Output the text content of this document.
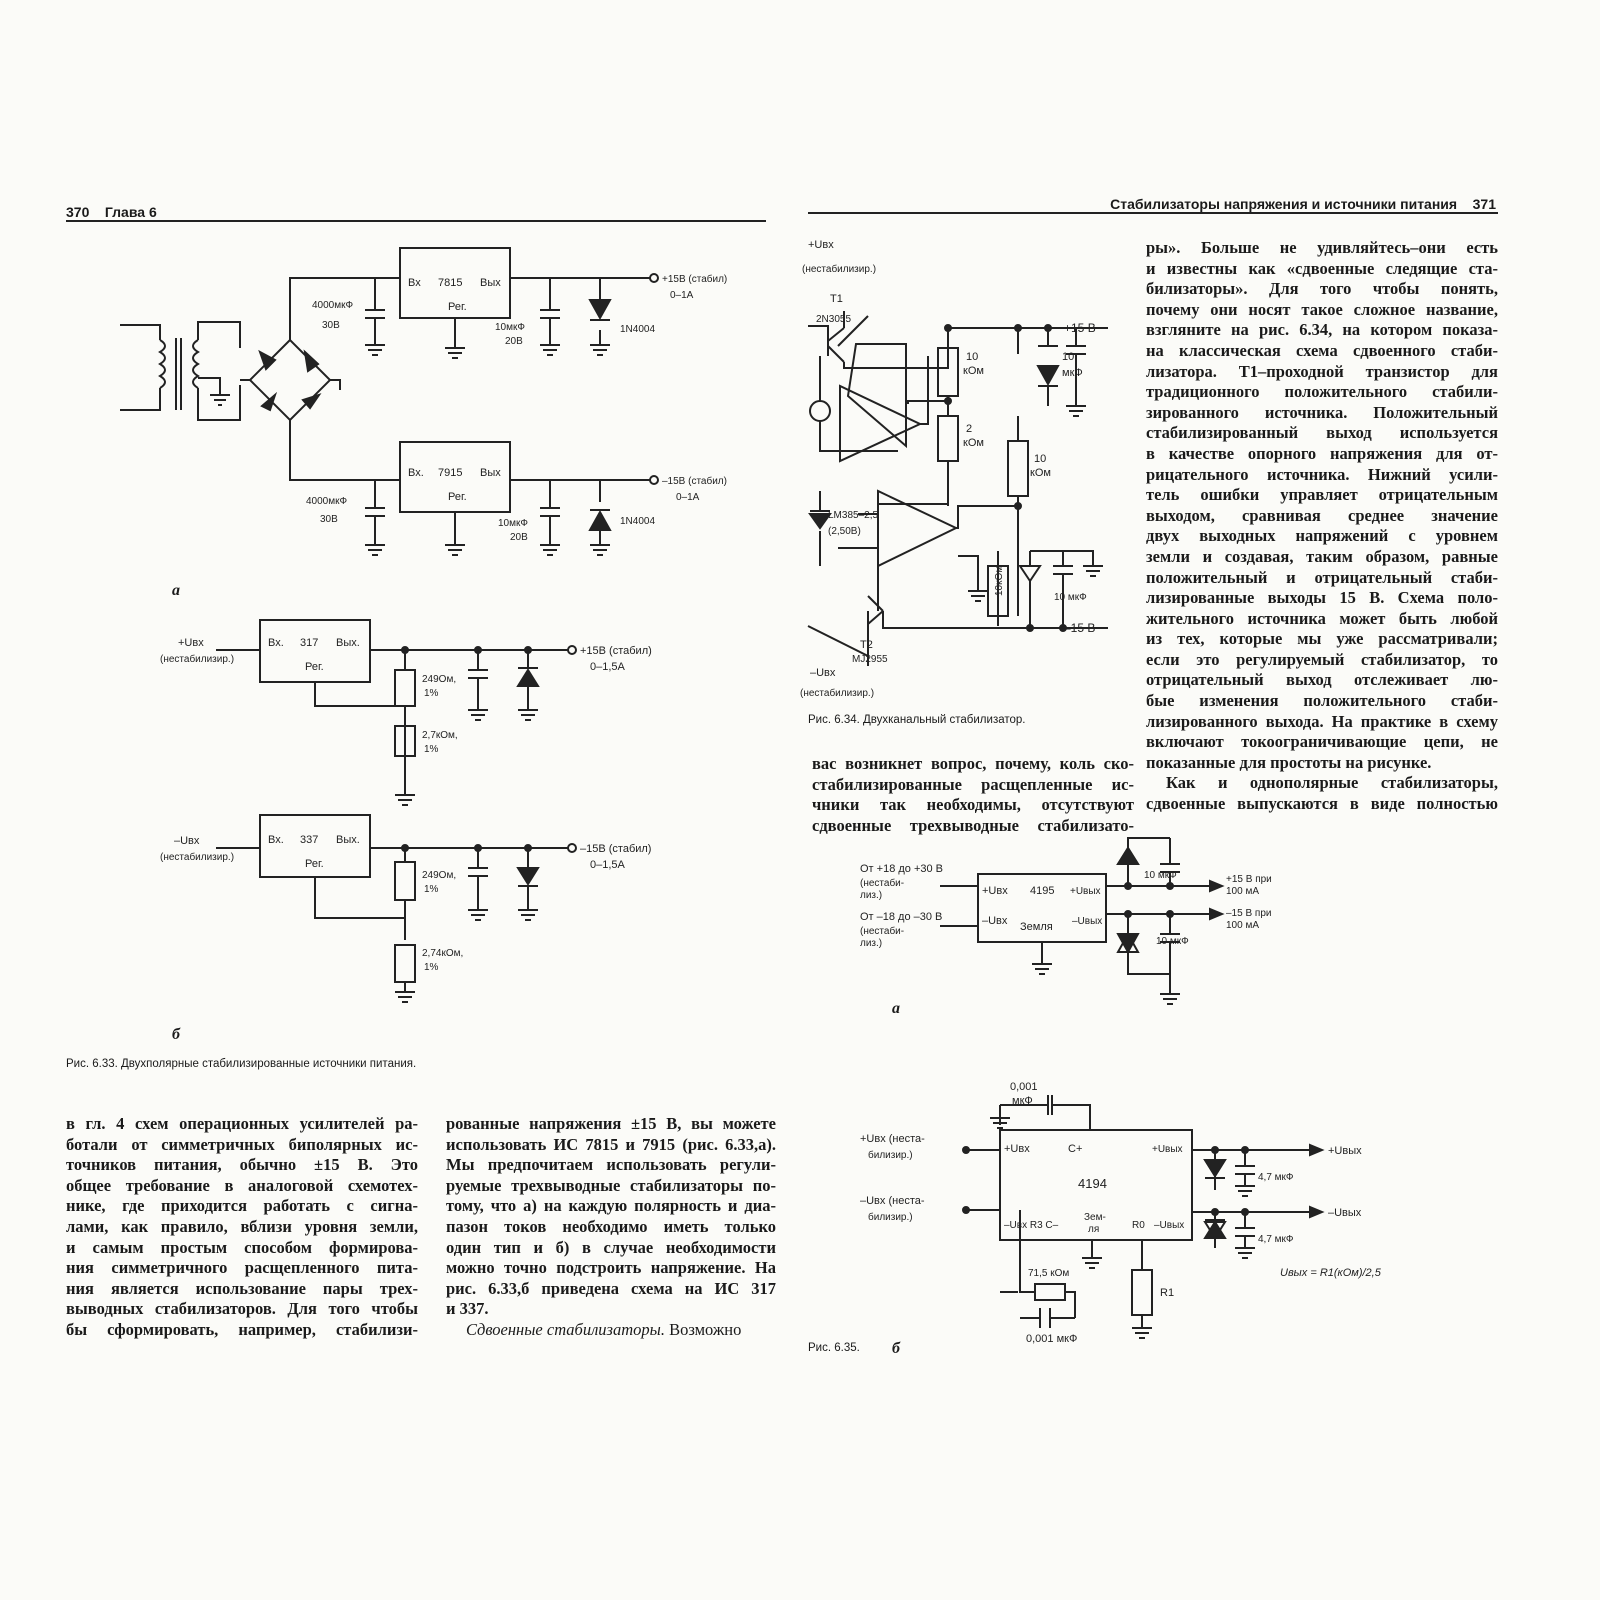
370 Глава 6	Стабилизаторы напряжения и источники питания 371
Вх 7815 Вых
Рег.
Вх. 7915 Вых
Рег.
4000мкФ
30В	10мкФ
20В
1N4004
+15В (стабил)
0–1А
4000мкФ
30В	10мкФ
20В
1N4004
–15В (стабил)
0–1А
а
Вх. 317 Вых.
Рег.
Вх. 337 Вых.
Рег.
+Uвх
(нестабилизир.)
–Uвх
(нестабилизир.)
249Ом,
1%
2,7кОм,
1%
249Ом,
1%
2,74кОм,
1%
+15В (стабил)
0–1,5А
–15В (стабил)
0–1,5А
б
Рис. 6.33. Двухполярные стабилизированные источники питания.
в гл. 4 схем операционных усилителей ра-
ботали от симметричных биполярных ис-
точников питания, обычно ±15 В. Это
общее требование в аналоговой схемотех-
нике, где приходится работать с сигна-
лами, как правило, вблизи уровня земли,
и самым простым способом формирова-
ния симметричного расщепленного пита-
ния является использование пары трех-
выводных стабилизаторов. Для того чтобы
бы сформировать, например, стабилизи-
рованные напряжения ±15 В, вы можете
использовать ИС 7815 и 7915 (рис. 6.33,а).
Мы предпочитаем использовать регули-
руемые трехвыводные стабилизаторы по-
тому, что а) на каждую полярность и диа-
пазон токов необходимо иметь только
один тип и б) в случае необходимости
можно точно подстроить напряжение. На
рис. 6.33,б приведена схема на ИС 317
и 337.
Сдвоенные стабилизаторы. Возможно
+Uвх
(нестабилизир.)
T1
2N3055
10
кОм
2
кОм
10
кОм
10
мкФ
+15 В
–15 В
10кОм
10 мкФ
LM385–2,5
(2,50В)
T2
MJ2955
–Uвх
(нестабилизир.)
Рис. 6.34. Двухканальный стабилизатор.
вас возникнет вопрос, почему, коль ско-
стабилизированные расщепленные ис-
чники так необходимы, отсутствуют
сдвоенные трехвыводные стабилизато-
ры». Больше не удивляйтесь–они есть
и известны как «сдвоенные следящие ста-
билизаторы». Для того чтобы понять,
почему они носят такое сложное название,
взгляните на рис. 6.34, на котором показа-
на классическая схема сдвоенного стаби-
лизатора. T1–проходной транзистор для
традиционного положительного стабили-
зированного источника. Положительный
стабилизированный выход используется
в качестве опорного напряжения для от-
рицательного источника. Нижний усили-
тель ошибки управляет отрицательным
выходом, сравнивая среднее значение
двух выходных напряжений с уровнем
земли и создавая, таким образом, равные
положительный и отрицательный стаби-
лизированные выходы 15 В. Схема поло-
жительного источника может быть любой
из тех, которые мы уже рассматривали;
если это регулируемый стабилизатор, то
отрицательный выход отслеживает лю-
бые изменения положительного стаби-
лизированного выхода. На практике в схему
включают токоограничивающие цепи, не
показанные для простоты на рисунке.
Как и однополярные стабилизаторы,
сдвоенные выпускаются в виде полностью
От +18 до +30 В
(нестаби-
лиз.)
От –18 до –30 В
(нестаби-
лиз.)
+Uвх 4195 +Uвых
–Uвх Земля –Uвых
10 мкФ
10 мкФ
+15 В при
100 мА
–15 В при
100 мА
а
0,001
мкФ
+Uвх (неста-
билизир.)
–Uвх (неста-
билизир.)
+Uвх	C+	+Uвых
4194
–Uвх R3 C–
Зем-
ля	R0 –Uвых
71,5 кОм
0,001 мкФ
R1
4,7 мкФ
4,7 мкФ
+Uвых
–Uвых
Uвых = R1(кОм)/2,5
б
Рис. 6.35.
